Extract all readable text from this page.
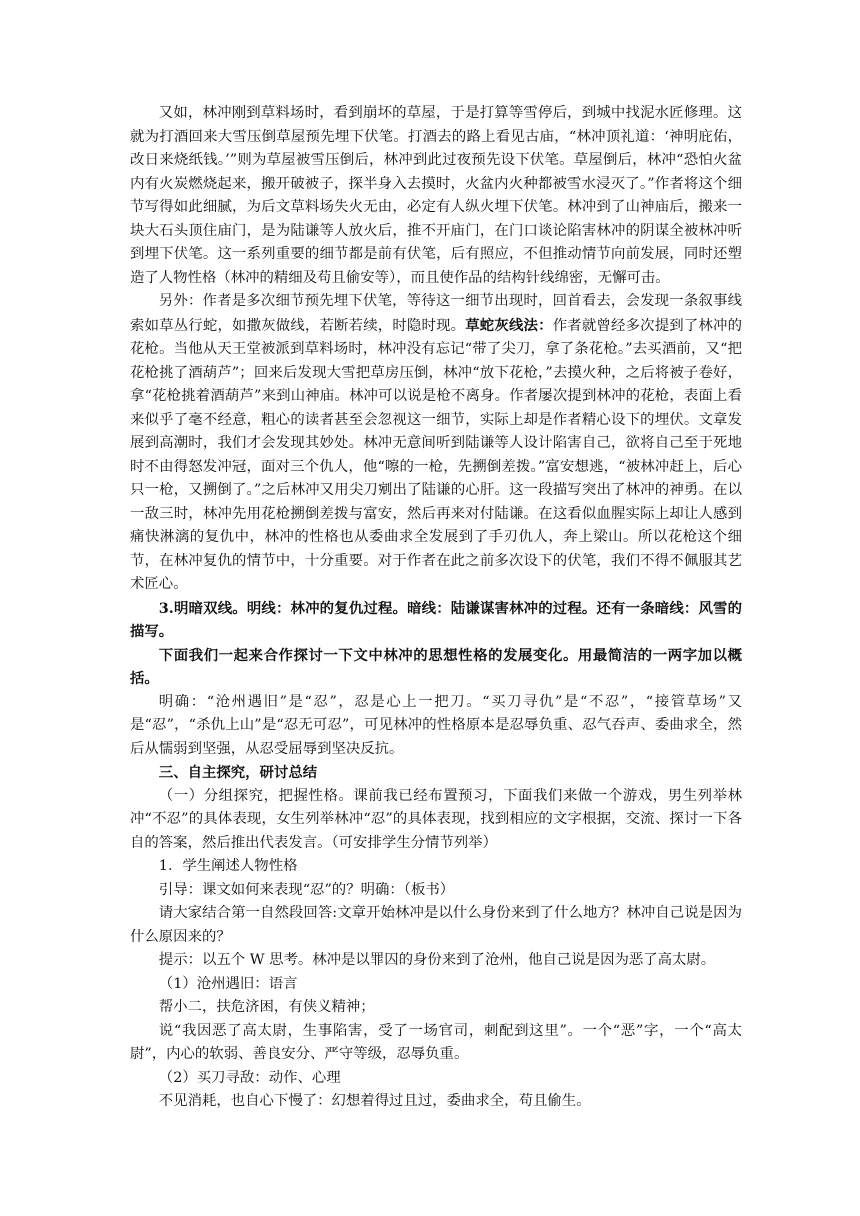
又如，林冲刚到草料场时，看到崩坏的草屋，于是打算等雪停后，到城中找泥水匠修理。这就为打酒回来大雪压倒草屋预先埋下伏笔。打酒去的路上看见古庙，“林冲顶礼道：‘神明庇佑，改日来烧纸钱。’”则为草屋被雪压倒后，林冲到此过夜预先设下伏笔。草屋倒后，林冲“恐怕火盆内有火炭燃烧起来，搬开破被子，探半身入去摸时，火盆内火种都被雪水浸灭了。”作者将这个细节写得如此细腻，为后文草料场失火无由，必定有人纵火埋下伏笔。林冲到了山神庙后，搬来一块大石头顶住庙门，是为陆谦等人放火后，推不开庙门，在门口谈论陷害林冲的阴谋全被林冲听到埋下伏笔。这一系列重要的细节都是前有伏笔，后有照应，不但推动情节向前发展，同时还塑造了人物性格（林冲的精细及苟且偷安等），而且使作品的结构针线绵密，无懈可击。

另外：作者是多次细节预先埋下伏笔，等待这一细节出现时，回首看去，会发现一条叙事线索如草丛行蛇，如撒灰做线，若断若续，时隐时现。草蛇灰线法：作者就曾经多次提到了林冲的花枪。当他从天王堂被派到草料场时，林冲没有忘记“带了尖刀，拿了条花枪。”去买酒前，又“把花枪挑了酒葫芦”；回来后发现大雪把草房压倒，林冲“放下花枪，”去摸火种，之后将被子卷好，拿“花枪挑着酒葫芦”来到山神庙。林冲可以说是枪不离身。作者屡次提到林冲的花枪，表面上看来似乎了毫不经意，粗心的读者甚至会忽视这一细节，实际上却是作者精心设下的埋伏。文章发展到高潮时，我们才会发现其妙处。林冲无意间听到陆谦等人设计陷害自己，欲将自己至于死地时不由得怒发冲冠，面对三个仇人，他“嚓的一枪，先搠倒差拨。”富安想逃，“被林冲赶上，后心只一枪，又搠倒了。”之后林冲又用尖刀剜出了陆谦的心肝。这一段描写突出了林冲的神勇。在以一敌三时，林冲先用花枪搠倒差拨与富安，然后再来对付陆谦。在这看似血腥实际上却让人感到痛快淋漓的复仇中，林冲的性格也从委曲求全发展到了手刃仇人，奔上梁山。所以花枪这个细节，在林冲复仇的情节中，十分重要。对于作者在此之前多次设下的伏笔，我们不得不佩服其艺术匠心。

3.明暗双线。明线：林冲的复仇过程。暗线：陆谦谋害林冲的过程。还有一条暗线：风雪的描写。

下面我们一起来合作探讨一下文中林冲的思想性格的发展变化。用最简洁的一两字加以概括。

明确：“沧州遇旧”是“忍”，忍是心上一把刀。“买刀寻仇”是“不忍”，“接管草场”又是“忍”，“杀仇上山”是“忍无可忍”，可见林冲的性格原本是忍辱负重、忍气吞声、委曲求全，然后从懦弱到坚强，从忍受屈辱到坚决反抗。

三、自主探究，研讨总结

（一）分组探究，把握性格。课前我已经布置预习，下面我们来做一个游戏，男生列举林冲“不忍”的具体表现，女生列举林冲“忍”的具体表现，找到相应的文字根据，交流、探讨一下各自的答案，然后推出代表发言。（可安排学生分情节列举）

1．学生阐述人物性格

引导：课文如何来表现“忍”的？明确：（板书）

请大家结合第一自然段回答:文章开始林冲是以什么身份来到了什么地方？林冲自己说是因为什么原因来的？

提示：以五个 W 思考。林冲是以罪囚的身份来到了沧州，他自己说是因为恶了高太尉。

（1）沧州遇旧：语言

帮小二，扶危济困，有侠义精神；

说“我因恶了高太尉，生事陷害，受了一场官司，刺配到这里”。一个“恶”字，一个“高太尉”，内心的软弱、善良安分、严守等级，忍辱负重。

（2）买刀寻敌：动作、心理

不见消耗，也自心下慢了：幻想着得过且过，委曲求全，苟且偷生。
